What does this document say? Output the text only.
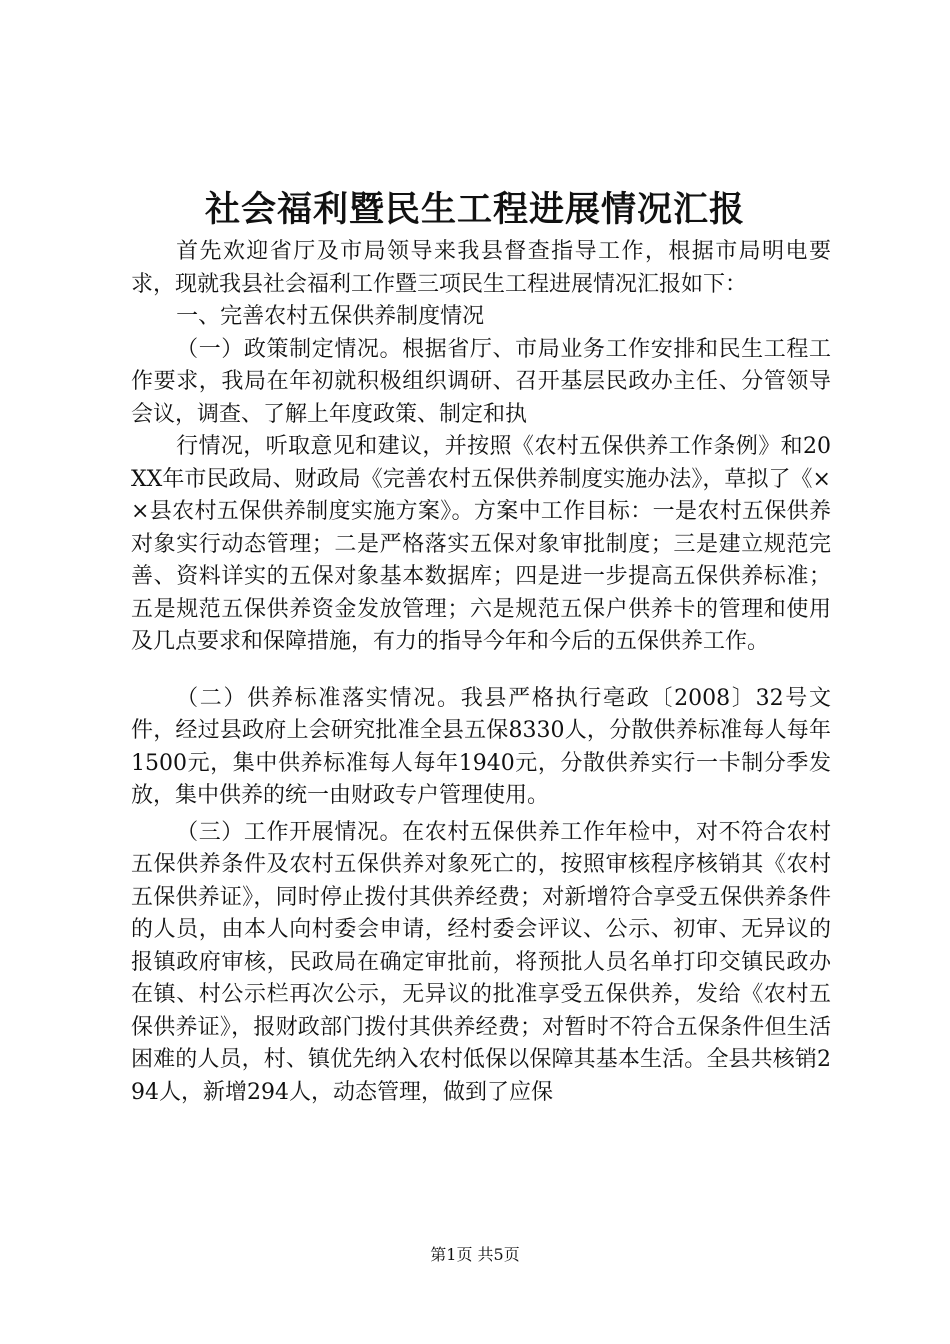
社会福利暨民生工程进展情况汇报

首先欢迎省厅及市局领导来我县督查指导工作，根据市局明电要求，现就我县社会福利工作暨三项民生工程进展情况汇报如下：

一、完善农村五保供养制度情况

（一）政策制定情况。根据省厅、市局业务工作安排和民生工程工作要求，我局在年初就积极组织调研、召开基层民政办主任、分管领导会议，调查、了解上年度政策、制定和执

行情况，听取意见和建议，并按照《农村五保供养工作条例》和20XX年市民政局、财政局《完善农村五保供养制度实施办法》，草拟了《××县农村五保供养制度实施方案》。方案中工作目标：一是农村五保供养对象实行动态管理；二是严格落实五保对象审批制度；三是建立规范完善、资料详实的五保对象基本数据库；四是进一步提高五保供养标准；五是规范五保供养资金发放管理；六是规范五保户供养卡的管理和使用及几点要求和保障措施，有力的指导今年和今后的五保供养工作。

（二）供养标准落实情况。我县严格执行亳政〔2008〕32号文件，经过县政府上会研究批准全县五保8330人，分散供养标准每人每年1500元，集中供养标准每人每年1940元，分散供养实行一卡制分季发放，集中供养的统一由财政专户管理使用。

（三）工作开展情况。在农村五保供养工作年检中，对不符合农村五保供养条件及农村五保供养对象死亡的，按照审核程序核销其《农村五保供养证》，同时停止拨付其供养经费；对新增符合享受五保供养条件的人员，由本人向村委会申请，经村委会评议、公示、初审、无异议的报镇政府审核，民政局在确定审批前，将预批人员名单打印交镇民政办在镇、村公示栏再次公示，无异议的批准享受五保供养，发给《农村五保供养证》，报财政部门拨付其供养经费；对暂时不符合五保条件但生活困难的人员，村、镇优先纳入农村低保以保障其基本生活。全县共核销294人，新增294人，动态管理，做到了应保

第1页 共5页
